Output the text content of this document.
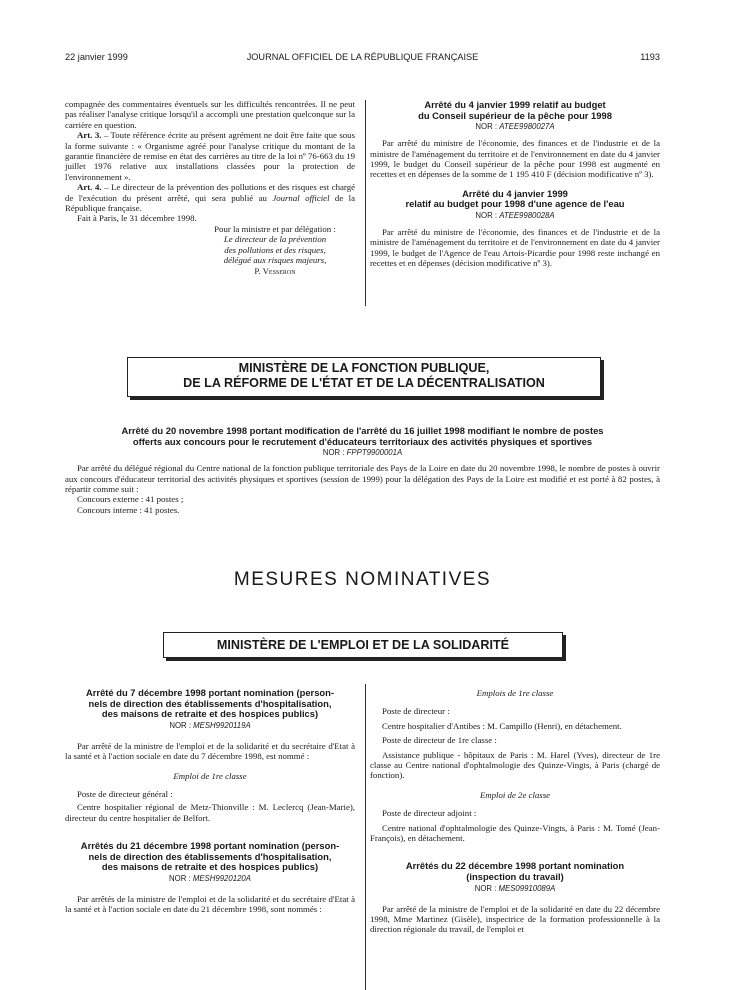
22 janvier 1999	JOURNAL OFFICIEL DE LA RÉPUBLIQUE FRANÇAISE	1193

compagnée des commentaires éventuels sur les difficultés rencontrées. Il ne peut pas réaliser l'analyse critique lorsqu'il a accompli une prestation quelconque sur la carrière en question.

Art. 3. – Toute référence écrite au présent agrément ne doit être faite que sous la forme suivante : « Organisme agréé pour l'analyse critique du montant de la garantie financière de remise en état des carrières au titre de la loi nº 76-663 du 19 juillet 1976 relative aux installations classées pour la protection de l'environnement ».

Art. 4. – Le directeur de la prévention des pollutions et des risques est chargé de l'exécution du présent arrêté, qui sera publié au Journal officiel de la République française.

Fait à Paris, le 31 décembre 1998.

Pour la ministre et par délégation :

Le directeur de la prévention

des pollutions et des risques,

délégué aux risques majeurs,

P. Vesseron

Arrêté du 4 janvier 1999 relatif au budget

du Conseil supérieur de la pêche pour 1998

NOR : ATEE9980027A

Par arrêté du ministre de l'économie, des finances et de l'industrie et de la ministre de l'aménagement du territoire et de l'environnement en date du 4 janvier 1999, le budget du Conseil supérieur de la pêche pour 1998 est augmenté en recettes et en dépenses de la somme de 1 195 410 F (décision modificative nº 3).

Arrêté du 4 janvier 1999

relatif au budget pour 1998 d'une agence de l'eau

NOR : ATEE9980028A

Par arrêté du ministre de l'économie, des finances et de l'industrie et de la ministre de l'aménagement du territoire et de l'environnement en date du 4 janvier 1999, le budget de l'Agence de l'eau Artois-Picardie pour 1998 reste inchangé en recettes et en dépenses (décision modificative nº 3).

MINISTÈRE DE LA FONCTION PUBLIQUE,
DE LA RÉFORME DE L'ÉTAT ET DE LA DÉCENTRALISATION

Arrêté du 20 novembre 1998 portant modification de l'arrêté du 16 juillet 1998 modifiant le nombre de postes

offerts aux concours pour le recrutement d'éducateurs territoriaux des activités physiques et sportives

NOR : FPPT9900001A

Par arrêté du délégué régional du Centre national de la fonction publique territoriale des Pays de la Loire en date du 20 novembre 1998, le nombre de postes à ouvrir aux concours d'éducateur territorial des activités physiques et sportives (session de 1999) pour la délégation des Pays de la Loire est modifié et est porté à 82 postes, à répartir comme suit :

Concours externe : 41 postes ;

Concours interne : 41 postes.

MESURES NOMINATIVES
MINISTÈRE DE L'EMPLOI ET DE LA SOLIDARITÉ

Arrêté du 7 décembre 1998 portant nomination (person-

nels de direction des établissements d'hospitalisation,

des maisons de retraite et des hospices publics)

NOR : MESH9920119A

Par arrêté de la ministre de l'emploi et de la solidarité et du secrétaire d'Etat à la santé et à l'action sociale en date du 7 décembre 1998, est nommé :

Emploi de 1re classe

Poste de directeur général :

Centre hospitalier régional de Metz-Thionville : M. Leclercq (Jean-Marie), directeur du centre hospitalier de Belfort.

Arrêtés du 21 décembre 1998 portant nomination (person-

nels de direction des établissements d'hospitalisation,

des maisons de retraite et des hospices publics)

NOR : MESH9920120A

Par arrêtés de la ministre de l'emploi et de la solidarité et du secrétaire d'Etat à la santé et à l'action sociale en date du 21 décembre 1998, sont nommés :

Emplois de 1re classe

Poste de directeur :

Centre hospitalier d'Antibes : M. Campillo (Henri), en détachement.

Poste de directeur de 1re classe :

Assistance publique - hôpitaux de Paris : M. Harel (Yves), directeur de 1re classe au Centre national d'ophtalmologie des Quinze-Vingts, à Paris (chargé de fonction).

Emploi de 2e classe

Poste de directeur adjoint :

Centre national d'ophtalmologie des Quinze-Vingts, à Paris : M. Tomé (Jean-François), en détachement.

Arrêtés du 22 décembre 1998 portant nomination

(inspection du travail)

NOR : MES09910089A

Par arrêté de la ministre de l'emploi et de la solidarité en date du 22 décembre 1998, Mme Martinez (Gisèle), inspectrice de la formation professionnelle à la direction régionale du travail, de l'emploi et
